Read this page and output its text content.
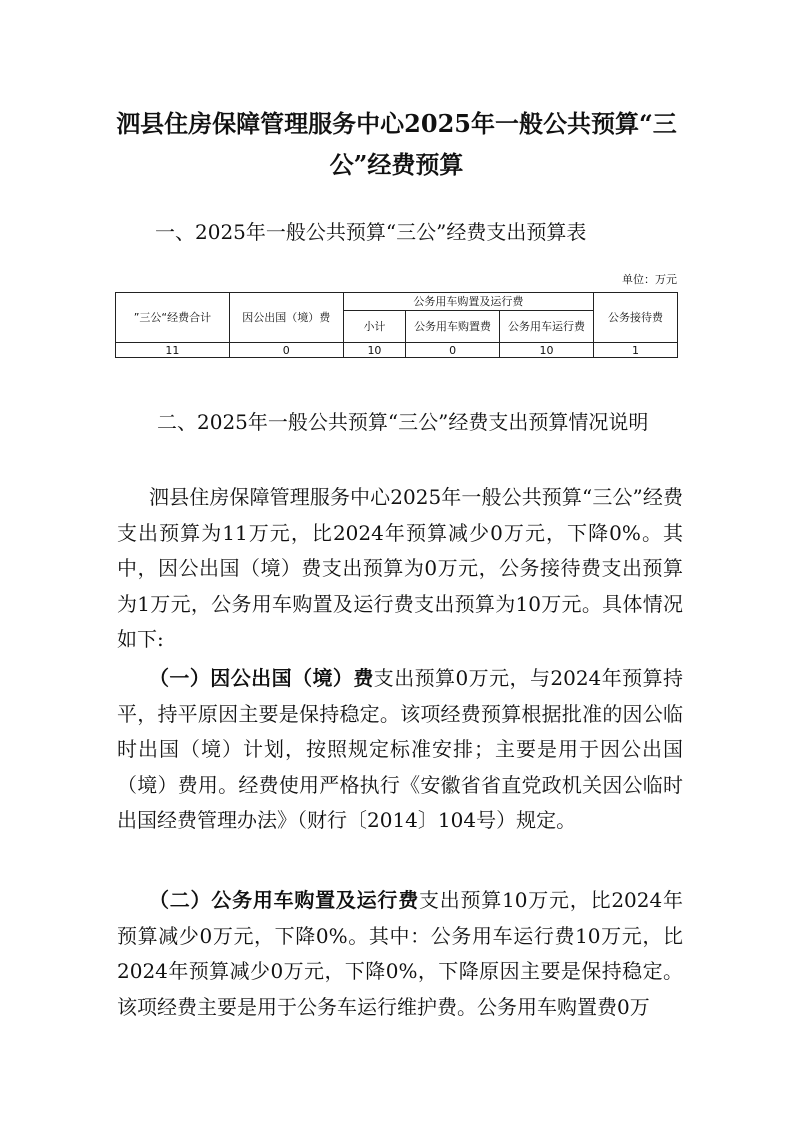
泗县住房保障管理服务中心2025年一般公共预算“三公”经费预算
一、2025年一般公共预算“三公”经费支出预算表
单位：万元
”三公“经费合计	因公出国（境）费	公务用车购置及运行费			公务接待费
		小计	公务用车购置费	公务用车运行费	
11	0	10	0	10	1
二、2025年一般公共预算“三公”经费支出预算情况说明

泗县住房保障管理服务中心2025年一般公共预算“三公”经费支出预算为11万元，比2024年预算减少0万元，下降0%。其中，因公出国（境）费支出预算为0万元，公务接待费支出预算为1万元，公务用车购置及运行费支出预算为10万元。具体情况如下:

（一）因公出国（境）费支出预算0万元，与2024年预算持平，持平原因主要是保持稳定。该项经费预算根据批准的因公临时出国（境）计划，按照规定标准安排；主要是用于因公出国（境）费用。经费使用严格执行《安徽省省直党政机关因公临时出国经费管理办法》（财行〔2014〕104号）规定。

（二）公务用车购置及运行费支出预算10万元，比2024年预算减少0万元，下降0%。其中：公务用车运行费10万元，比2024年预算减少0万元，下降0%，下降原因主要是保持稳定。该项经费主要是用于公务车运行维护费。公务用车购置费0万
